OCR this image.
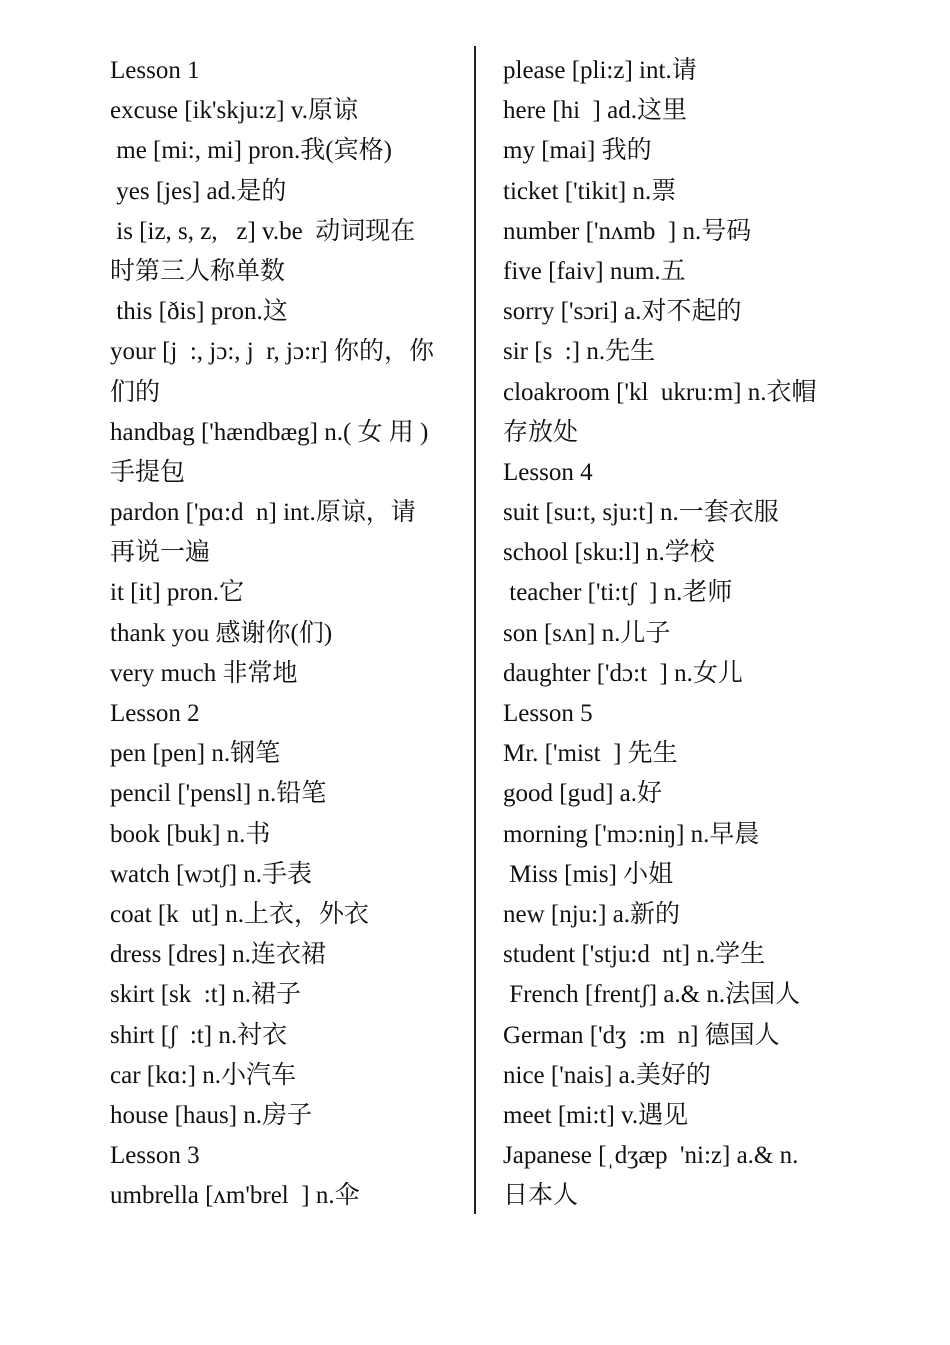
Lesson 1
excuse [ik'skju:z] v.原谅
me [mi:, mi] pron.我(宾格)
yes [jes] ad.是的
is [iz, s, z,   z] v.be  动词现在
时第三人称单数
this [ðis] pron.这
your [j  :, jɔ:, j  r, jɔ:r] 你的，你
们的
handbag ['hændbæg] n.( 女 用 )
手提包
pardon ['pɑ:d  n] int.原谅，请
再说一遍
it [it] pron.它
thank you 感谢你(们)
very much 非常地
Lesson 2
pen [pen] n.钢笔
pencil ['pensl] n.铅笔
book [buk] n.书
watch [wɔtʃ] n.手表
coat [k  ut] n.上衣，外衣
dress [dres] n.连衣裙
skirt [sk  :t] n.裙子
shirt [ʃ  :t] n.衬衣
car [kɑ:] n.小汽车
house [haus] n.房子
Lesson 3
umbrella [ʌm'brel  ] n.伞
please [pli:z] int.请
here [hi  ] ad.这里
my [mai] 我的
ticket ['tikit] n.票
number ['nʌmb  ] n.号码
five [faiv] num.五
sorry ['sɔri] a.对不起的
sir [s  :] n.先生
cloakroom ['kl  ukru:m] n.衣帽
存放处
Lesson 4
suit [su:t, sju:t] n.一套衣服
school [sku:l] n.学校
teacher ['ti:tʃ  ] n.老师
son [sʌn] n.儿子
daughter ['dɔ:t  ] n.女儿
Lesson 5
Mr. ['mist  ] 先生
good [gud] a.好
morning ['mɔ:niŋ] n.早晨
Miss [mis] 小姐
new [nju:] a.新的
student ['stju:d  nt] n.学生
French [frentʃ] a.& n.法国人
German ['dʒ  :m  n] 德国人
nice ['nais] a.美好的
meet [mi:t] v.遇见
Japanese [ˌdʒæp  'ni:z] a.& n.
日本人
